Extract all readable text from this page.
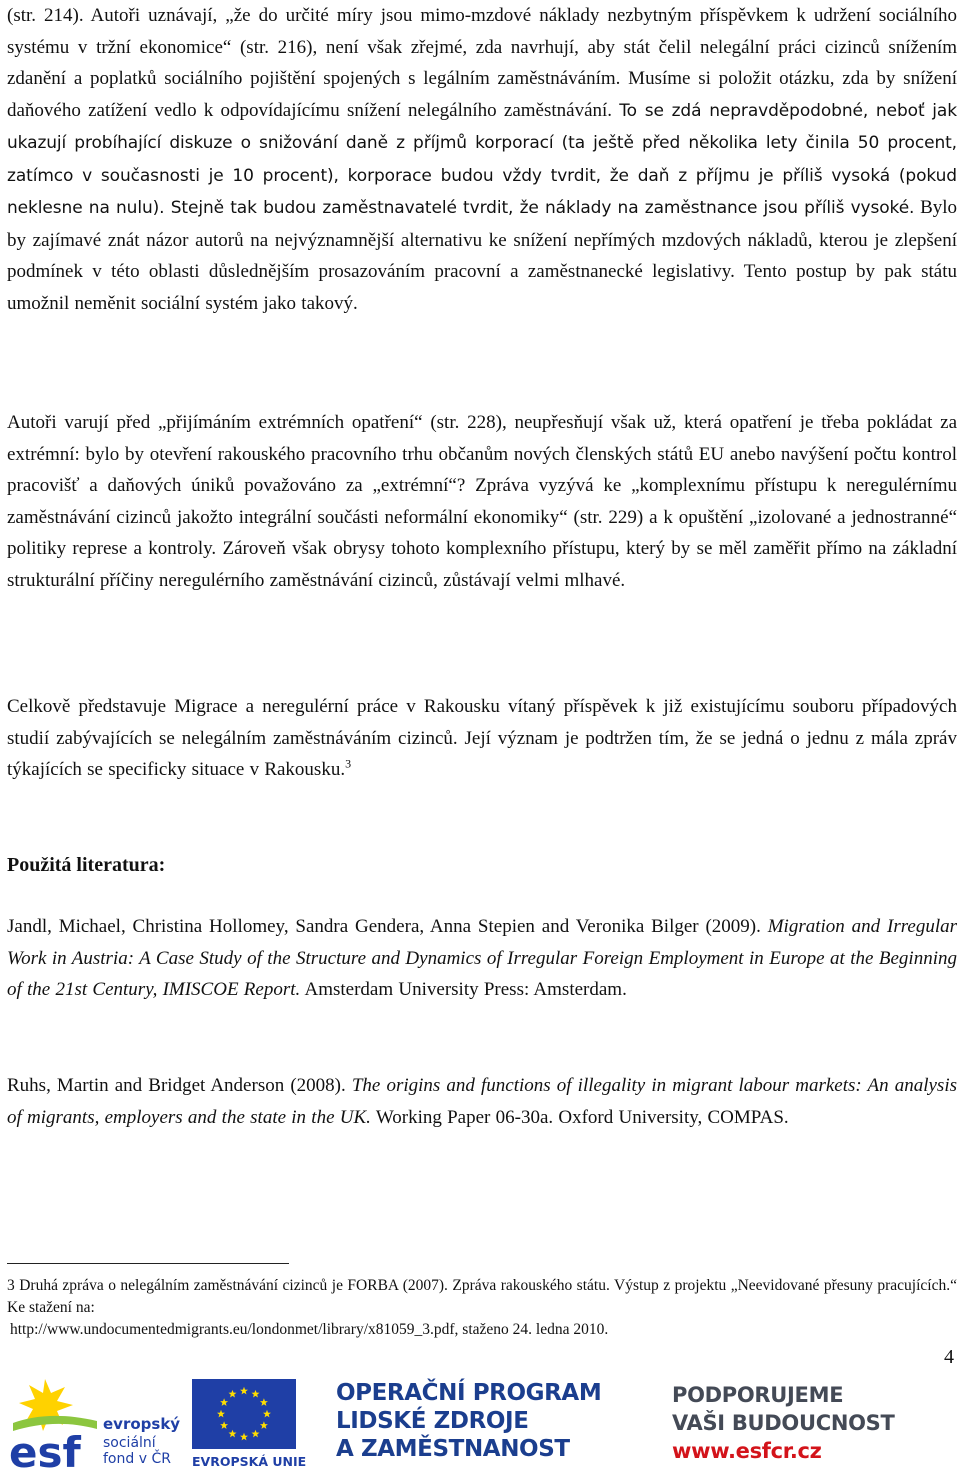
(str. 214). Autoři uznávají, „že do určité míry jsou mimo-mzdové náklady nezbytným příspěvkem k udržení sociálního systému v tržní ekonomice“ (str. 216), není však zřejmé, zda navrhují, aby stát čelil nelegální práci cizinců snížením zdanění a poplatků sociálního pojištění spojených s legálním zaměstnáváním. Musíme si položit otázku, zda by snížení daňového zatížení vedlo k odpovídajícímu snížení nelegálního zaměstnávání. To se zdá nepravděpodobné, neboť jak ukazují probíhající diskuze o snižování daně z příjmů korporací (ta ještě před několika lety činila 50 procent, zatímco v současnosti je 10 procent), korporace budou vždy tvrdit, že daň z příjmu je příliš vysoká (pokud neklesne na nulu). Stejně tak budou zaměstnavatelé tvrdit, že náklady na zaměstnance jsou příliš vysoké. Bylo by zajímavé znát názor autorů na nejvýznamnější alternativu ke snížení nepřímých mzdových nákladů, kterou je zlepšení podmínek v této oblasti důslednějším prosazováním pracovní a zaměstnanecké legislativy. Tento postup by pak státu umožnil neměnit sociální systém jako takový.

Autoři varují před „přijímáním extrémních opatření“ (str. 228), neupřesňují však už, která opatření je třeba pokládat za extrémní: bylo by otevření rakouského pracovního trhu občanům nových členských států EU anebo navýšení počtu kontrol pracovišť a daňových úniků považováno za „extrémní“? Zpráva vyzývá ke „komplexnímu přístupu k neregulérnímu zaměstnávání cizinců jakožto integrální součásti neformální ekonomiky“ (str. 229) a k opuštění „izolované a jednostranné“ politiky represe a kontroly. Zároveň však obrysy tohoto komplexního přístupu, který by se měl zaměřit přímo na základní strukturální příčiny neregulérního zaměstnávání cizinců, zůstávají velmi mlhavé.

Celkově představuje Migrace a neregulérní práce v Rakousku vítaný příspěvek k již existujícímu souboru případových studií zabývajících se nelegálním zaměstnáváním cizinců. Její význam je podtržen tím, že se jedná o jednu z mála zpráv týkajících se specificky situace v Rakousku.$^3$

Použitá literatura:

Jandl, Michael, Christina Hollomey, Sandra Gendera, Anna Stepien and Veronika Bilger (2009). Migration and Irregular Work in Austria: A Case Study of the Structure and Dynamics of Irregular Foreign Employment in Europe at the Beginning of the 21st Century, IMISCOE Report. Amsterdam University Press: Amsterdam.

Ruhs, Martin and Bridget Anderson (2008). The origins and functions of illegality in migrant labour markets: An analysis of migrants, employers and the state in the UK. Working Paper 06-30a. Oxford University, COMPAS.

3 Druhá zpráva o nelegálním zaměstnávání cizinců je FORBA (2007). Zpráva rakouského státu. Výstup z projektu „Neevidované přesuny pracujících.“ Ke stažení na:
http://www.undocumentedmigrants.eu/londonmet/library/x81059_3.pdf, staženo 24. ledna 2010.
4
esf
evropský
sociální
fond v ČR EVROPSKÁ UNIE
OPERAČNÍ PROGRAM
LIDSKÉ ZDROJE
A ZAMĚSTNANOST
PODPORUJEME
VAŠI BUDOUCNOST
www.esfcr.cz
